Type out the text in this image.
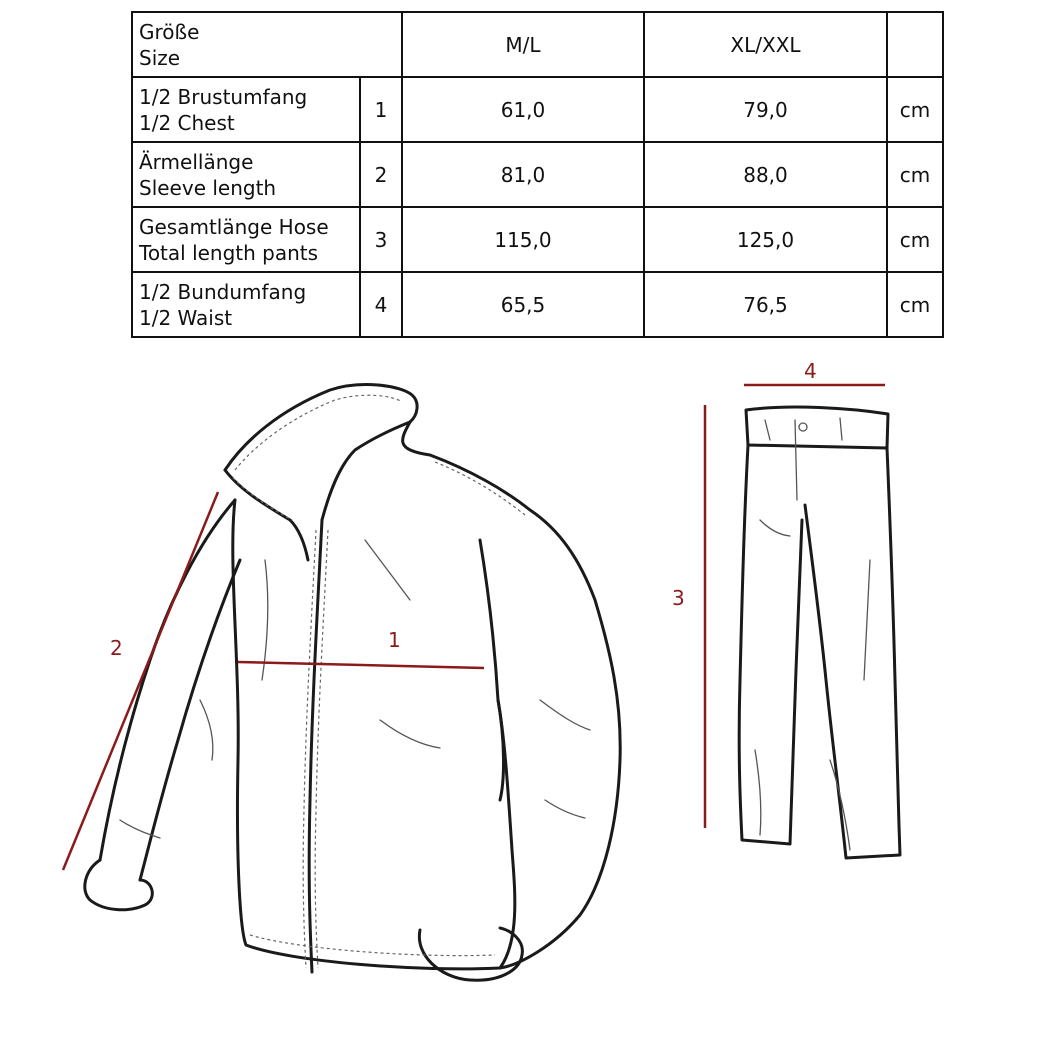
Größe
Size		M/L	XL/XXL	

1/2 Brustumfang
1/2 Chest	1	61,0	79,0	cm

Ärmellänge
Sleeve length	2	81,0	88,0	cm

Gesamtlänge Hose
Total length pants	3	115,0	125,0	cm

1/2 Bundumfang
1/2 Waist	4	65,5	76,5	cm
1
2
3
4
